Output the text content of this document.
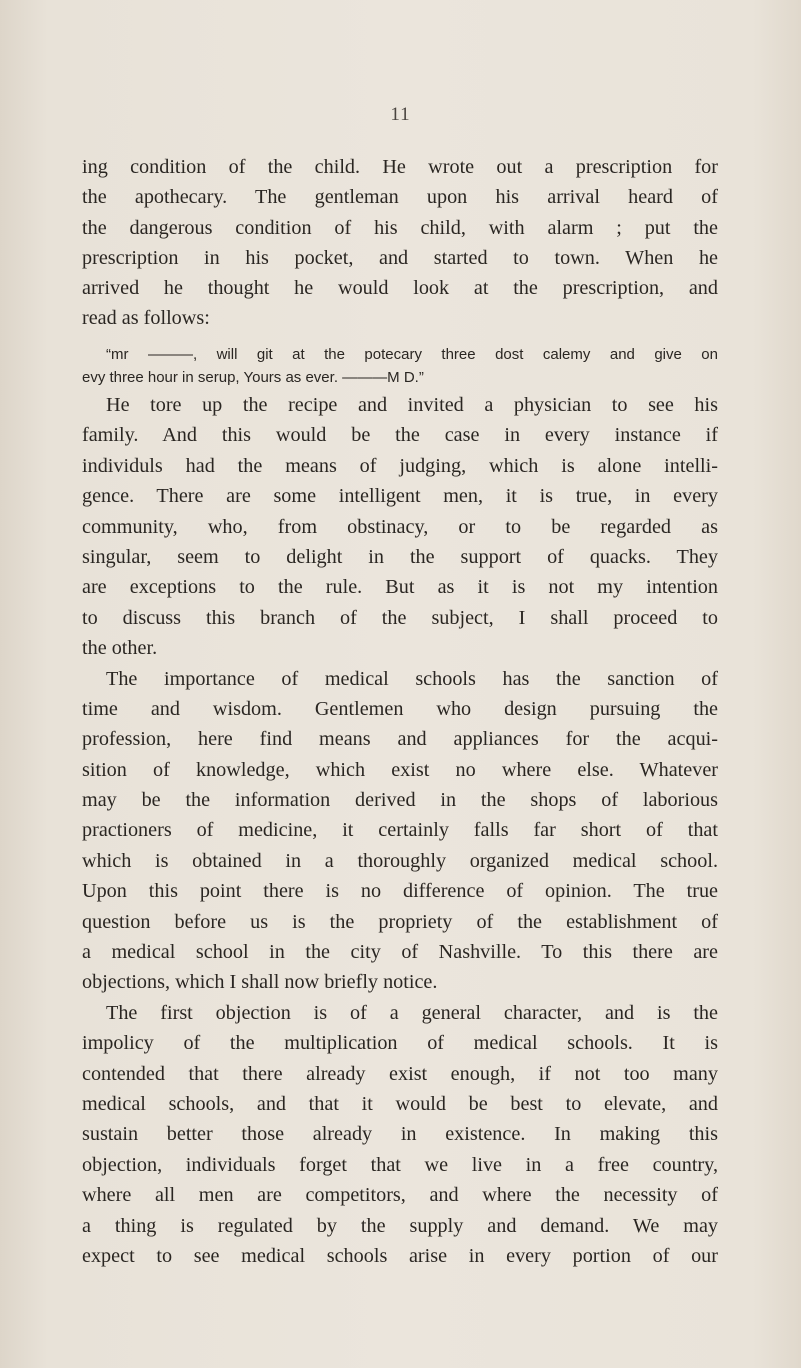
11
ing condition of the child. He wrote out a prescription for
the apothecary. The gentleman upon his arrival heard of
the dangerous condition of his child, with alarm ; put the
prescription in his pocket, and started to town. When he
arrived he thought he would look at the prescription, and
read as follows:
“mr ———, will git at the potecary three dost calemy and give on
evy three hour in serup, Yours as ever. ———M D.”
He tore up the recipe and invited a physician to see his
family. And this would be the case in every instance if
individuls had the means of judging, which is alone intelli-
gence. There are some intelligent men, it is true, in every
community, who, from obstinacy, or to be regarded as
singular, seem to delight in the support of quacks. They
are exceptions to the rule. But as it is not my intention
to discuss this branch of the subject, I shall proceed to
the other.
The importance of medical schools has the sanction of
time and wisdom. Gentlemen who design pursuing the
profession, here find means and appliances for the acqui-
sition of knowledge, which exist no where else. Whatever
may be the information derived in the shops of laborious
practioners of medicine, it certainly falls far short of that
which is obtained in a thoroughly organized medical school.
Upon this point there is no difference of opinion. The true
question before us is the propriety of the establishment of
a medical school in the city of Nashville. To this there are
objections, which I shall now briefly notice.
The first objection is of a general character, and is the
impolicy of the multiplication of medical schools. It is
contended that there already exist enough, if not too many
medical schools, and that it would be best to elevate, and
sustain better those already in existence. In making this
objection, individuals forget that we live in a free country,
where all men are competitors, and where the necessity of
a thing is regulated by the supply and demand. We may
expect to see medical schools arise in every portion of our
